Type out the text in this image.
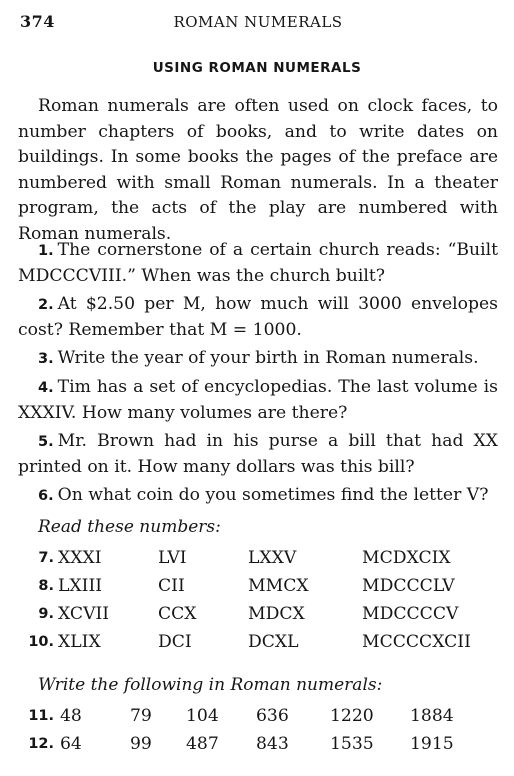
374	ROMAN NUMERALS
USING ROMAN NUMERALS

Roman numerals are often used on clock faces, to number chapters of books, and to write dates on buildings. In some books the pages of the preface are numbered with small Roman numerals. In a theater program, the acts of the play are numbered with Roman numerals.

1. The cornerstone of a certain church reads: “Built MDCCCVIII.” When was the church built?
2. At $2.50 per M, how much will 3000 envelopes cost? Remember that M = 1000.
3. Write the year of your birth in Roman numerals.
4. Tim has a set of encyclopedias. The last volume is XXXIV. How many volumes are there?
5. Mr. Brown had in his purse a bill that had XX printed on it. How many dollars was this bill?
6. On what coin do you sometimes find the letter V?
Read these numbers:
7. XXXI	LVI	LXXV	MCDXCIX
8. LXIII	CII	MMCX	MDCCCLV
9. XCVII	CCX	MDCX	MDCCCCV
10. XLIX	DCI	DCXL	MCCCCXCII
Write the following in Roman numerals:
11. 48	79 104 636 1220 1884
12. 64	99 487 843 1535 1915
